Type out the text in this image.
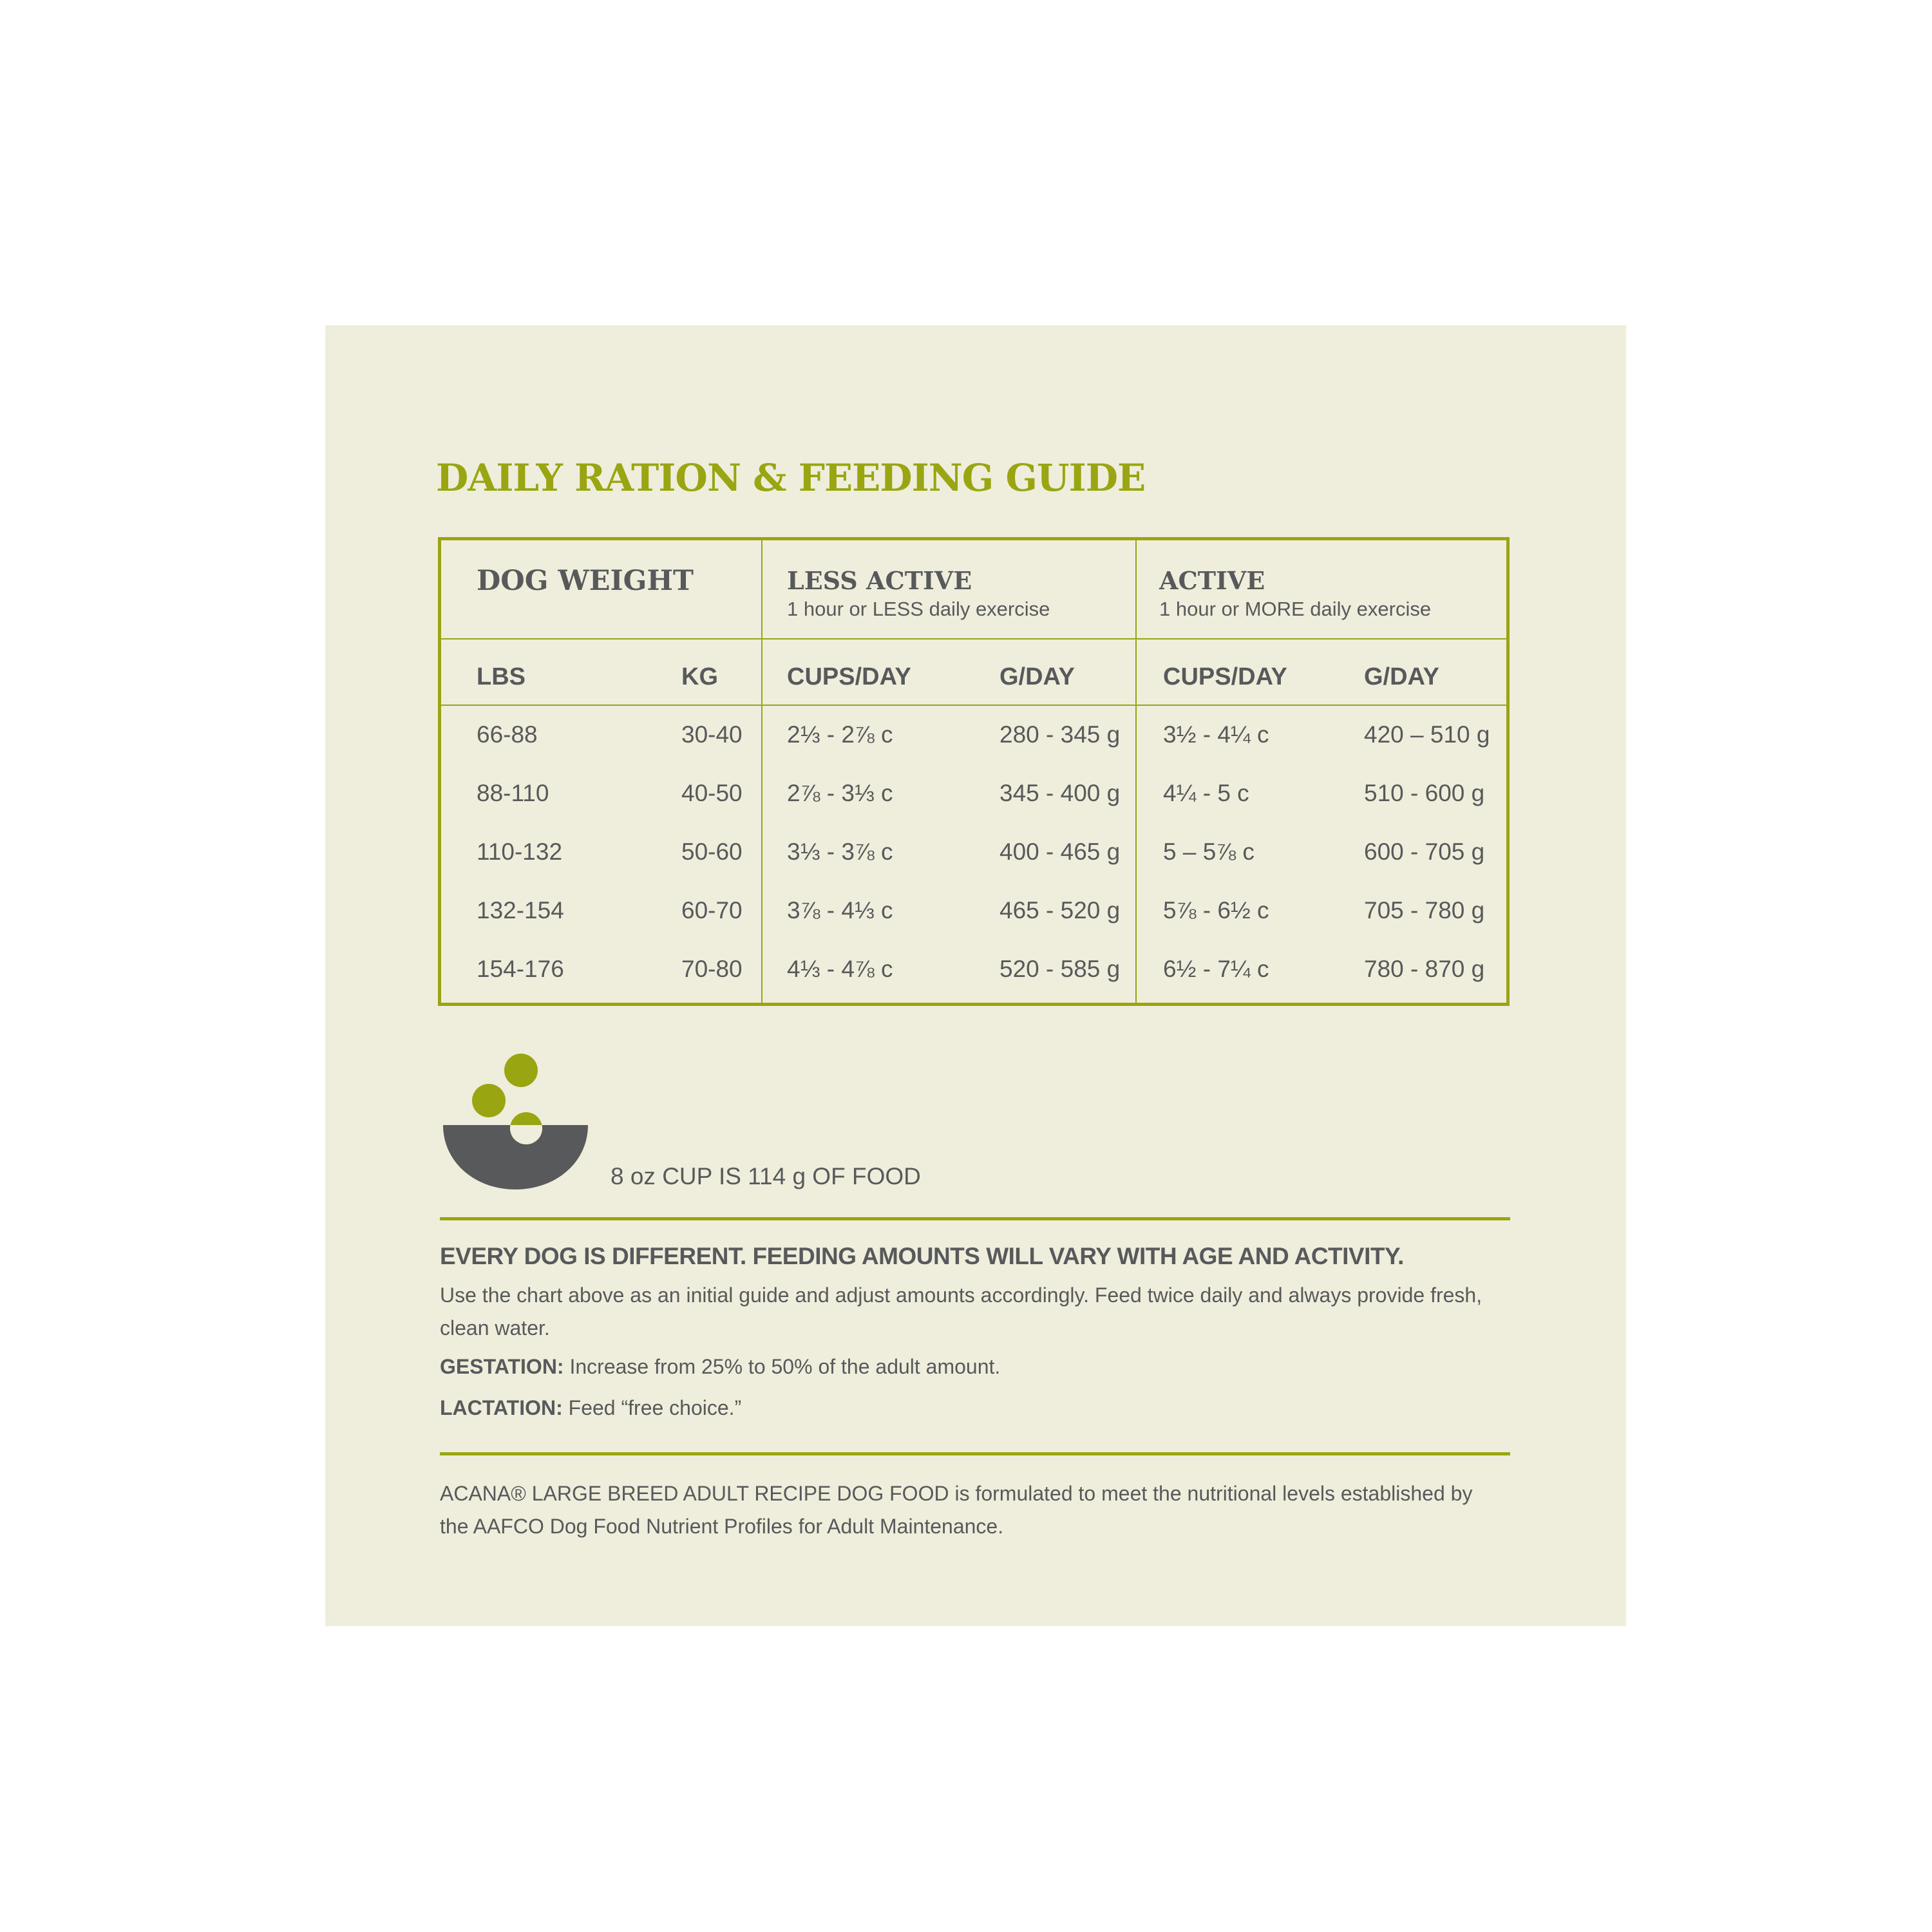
DAILY RATION & FEEDING GUIDE
DOG WEIGHT	LESS ACTIVE
1 hour or LESS daily exercise
ACTIVE
1 hour or MORE daily exercise
LBS	KG	CUPS/DAY	G/DAY	CUPS/DAY	G/DAY
66-88	30-40 2⅓ - 2⅞ c	280 - 345 g 3½ - 4¼ c	420 – 510 g
88-110	40-50 2⅞ - 3⅓ c	345 - 400 g 4¼ - 5 c	510 - 600 g
110-132	50-60 3⅓ - 3⅞ c	400 - 465 g 5 – 5⅞ c	600 - 705 g
132-154	60-70 3⅞ - 4⅓ c	465 - 520 g 5⅞ - 6½ c	705 - 780 g
154-176	70-80 4⅓ - 4⅞ c	520 - 585 g 6½ - 7¼ c	780 - 870 g
8 oz CUP IS 114 g OF FOOD
EVERY DOG IS DIFFERENT. FEEDING AMOUNTS WILL VARY WITH AGE AND ACTIVITY.
Use the chart above as an initial guide and adjust amounts accordingly. Feed twice daily and always provide fresh, clean water.
GESTATION: Increase from 25% to 50% of the adult amount.
LACTATION: Feed “free choice.”
ACANA® LARGE BREED ADULT RECIPE DOG FOOD is formulated to meet the nutritional levels established by the AAFCO Dog Food Nutrient Profiles for Adult Maintenance.
